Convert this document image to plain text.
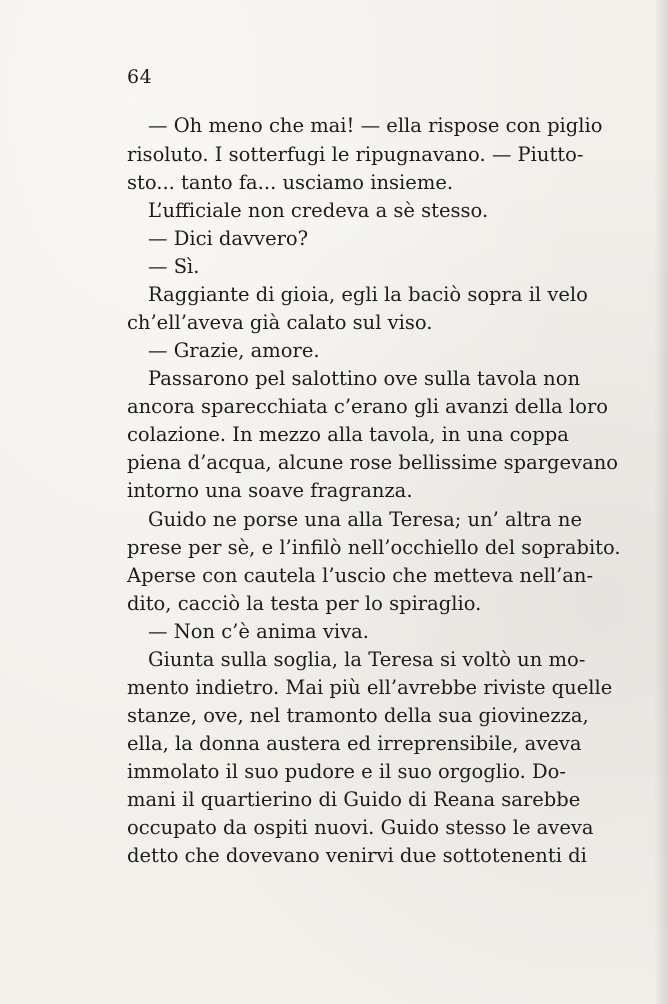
64
— Oh meno che mai! — ella rispose con piglio
risoluto. I sotterfugi le ripugnavano. — Piutto-
sto... tanto fa... usciamo insieme.
L’ufficiale non credeva a sè stesso.
— Dici davvero?
— Sì.
Raggiante di gioia, egli la baciò sopra il velo
ch’ell’aveva già calato sul viso.
— Grazie, amore.
Passarono pel salottino ove sulla tavola non
ancora sparecchiata c’erano gli avanzi della loro
colazione. In mezzo alla tavola, in una coppa
piena d’acqua, alcune rose bellissime spargevano
intorno una soave fragranza.
Guido ne porse una alla Teresa; un’ altra ne
prese per sè, e l’infilò nell’occhiello del soprabito.
Aperse con cautela l’uscio che metteva nell’an-
dito, cacciò la testa per lo spiraglio.
— Non c’è anima viva.
Giunta sulla soglia, la Teresa si voltò un mo-
mento indietro. Mai più ell’avrebbe riviste quelle
stanze, ove, nel tramonto della sua giovinezza,
ella, la donna austera ed irreprensibile, aveva
immolato il suo pudore e il suo orgoglio. Do-
mani il quartierino di Guido di Reana sarebbe
occupato da ospiti nuovi. Guido stesso le aveva
detto che dovevano venirvi due sottotenenti di
